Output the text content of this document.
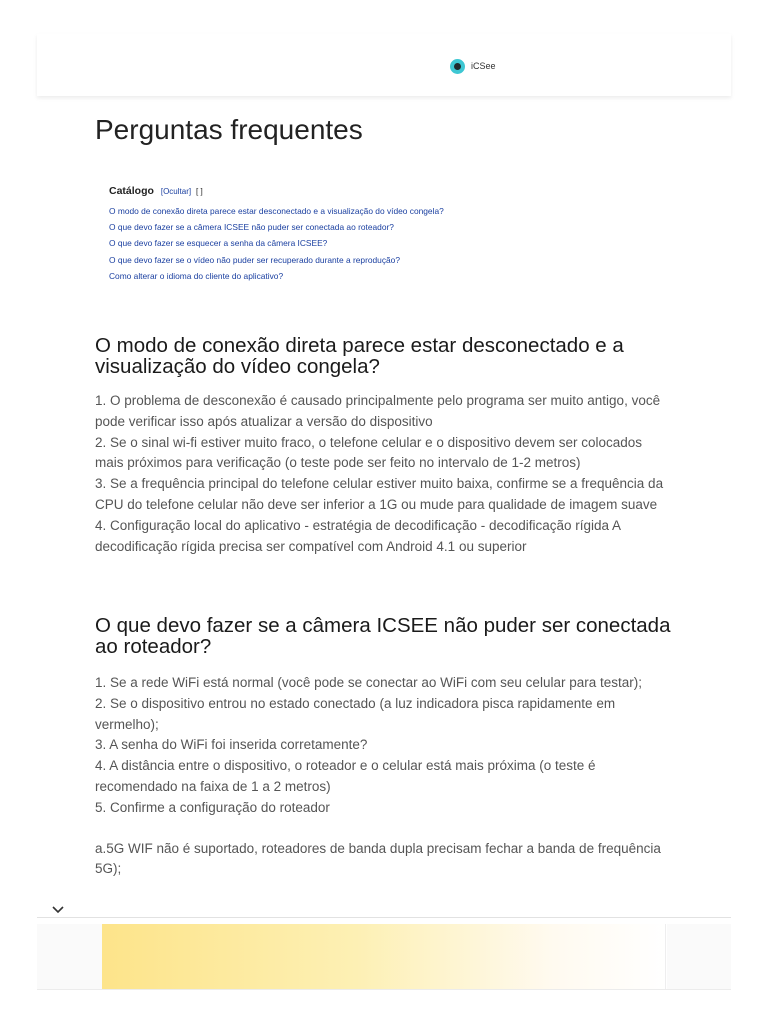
iCSee
Perguntas frequentes
Catálogo [Ocultar] [ ]
O modo de conexão direta parece estar desconectado e a visualização do vídeo congela?
O que devo fazer se a câmera ICSEE não puder ser conectada ao roteador?
O que devo fazer se esquecer a senha da câmera ICSEE?
O que devo fazer se o vídeo não puder ser recuperado durante a reprodução?
Como alterar o idioma do cliente do aplicativo?
O modo de conexão direta parece estar desconectado e a visualização do vídeo congela?

1. O problema de desconexão é causado principalmente pelo programa ser muito antigo, você pode verificar isso após atualizar a versão do dispositivo

2. Se o sinal wi-fi estiver muito fraco, o telefone celular e o dispositivo devem ser colocados mais próximos para verificação (o teste pode ser feito no intervalo de 1-2 metros)

3. Se a frequência principal do telefone celular estiver muito baixa, confirme se a frequência da CPU do telefone celular não deve ser inferior a 1G ou mude para qualidade de imagem suave

4. Configuração local do aplicativo - estratégia de decodificação - decodificação rígida A decodificação rígida precisa ser compatível com Android 4.1 ou superior

O que devo fazer se a câmera ICSEE não puder ser conectada ao roteador?

1. Se a rede WiFi está normal (você pode se conectar ao WiFi com seu celular para testar);

2. Se o dispositivo entrou no estado conectado (a luz indicadora pisca rapidamente em vermelho);

3. A senha do WiFi foi inserida corretamente?

4. A distância entre o dispositivo, o roteador e o celular está mais próxima (o teste é recomendado na faixa de 1 a 2 metros)

5. Confirme a configuração do roteador

a.5G WIF não é suportado, roteadores de banda dupla precisam fechar a banda de frequência 5G);
